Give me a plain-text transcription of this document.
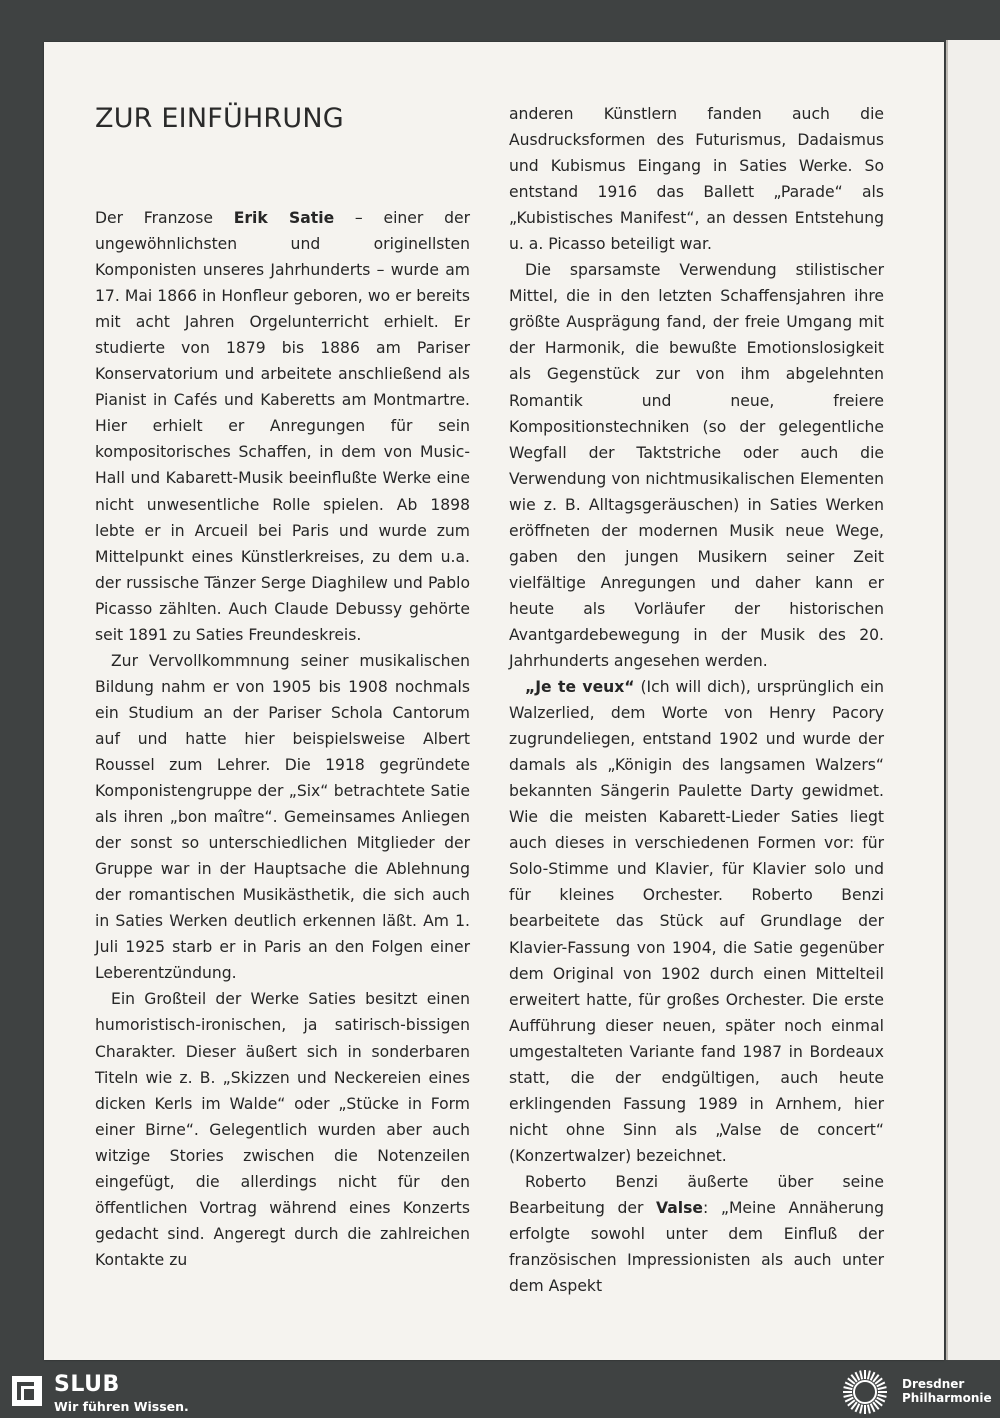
ZUR EINFÜHRUNG

Der Franzose Erik Satie – einer der ungewöhnlichsten und originellsten Komponisten unseres Jahrhunderts – wurde am 17. Mai 1866 in Honfleur geboren, wo er bereits mit acht Jahren Orgelunterricht erhielt. Er studierte von 1879 bis 1886 am Pariser Konservatorium und arbeitete anschließend als Pianist in Cafés und Kaberetts am Montmartre. Hier erhielt er Anregungen für sein kompositorisches Schaffen, in dem von Music-Hall und Kabarett-Musik beeinflußte Werke eine nicht unwesentliche Rolle spielen. Ab 1898 lebte er in Arcueil bei Paris und wurde zum Mittelpunkt eines Künstlerkreises, zu dem u.a. der russische Tänzer Serge Diaghilew und Pablo Picasso zählten. Auch Claude Debussy gehörte seit 1891 zu Saties Freundeskreis.

Zur Vervollkommnung seiner musikalischen Bildung nahm er von 1905 bis 1908 nochmals ein Studium an der Pariser Schola Cantorum auf und hatte hier beispielsweise Albert Roussel zum Lehrer. Die 1918 gegründete Komponistengruppe der „Six“ betrachtete Satie als ihren „bon maître“. Gemeinsames Anliegen der sonst so unterschiedlichen Mitglieder der Gruppe war in der Hauptsache die Ablehnung der romantischen Musikästhetik, die sich auch in Saties Werken deutlich erkennen läßt. Am 1. Juli 1925 starb er in Paris an den Folgen einer Leberentzündung.

Ein Großteil der Werke Saties besitzt einen humoristisch-ironischen, ja satirisch-bissigen Charakter. Dieser äußert sich in sonderbaren Titeln wie z. B. „Skizzen und Neckereien eines dicken Kerls im Walde“ oder „Stücke in Form einer Birne“. Gelegentlich wurden aber auch witzige Stories zwischen die Notenzeilen eingefügt, die allerdings nicht für den öffentlichen Vortrag während eines Konzerts gedacht sind. Angeregt durch die zahlreichen Kontakte zu

anderen Künstlern fanden auch die Ausdrucksformen des Futurismus, Dadaismus und Kubismus Eingang in Saties Werke. So entstand 1916 das Ballett „Parade“ als „Kubistisches Manifest“, an dessen Entstehung u. a. Picasso beteiligt war.

Die sparsamste Verwendung stilistischer Mittel, die in den letzten Schaffensjahren ihre größte Ausprägung fand, der freie Umgang mit der Harmonik, die bewußte Emotionslosigkeit als Gegenstück zur von ihm abgelehnten Romantik und neue, freiere Kompositionstechniken (so der gelegentliche Wegfall der Taktstriche oder auch die Verwendung von nichtmusikalischen Elementen wie z. B. Alltagsgeräuschen) in Saties Werken eröffneten der modernen Musik neue Wege, gaben den jungen Musikern seiner Zeit vielfältige Anregungen und daher kann er heute als Vorläufer der historischen Avantgardebewegung in der Musik des 20. Jahrhunderts angesehen werden.

„Je te veux“ (Ich will dich), ursprünglich ein Walzerlied, dem Worte von Henry Pacory zugrundeliegen, entstand 1902 und wurde der damals als „Königin des langsamen Walzers“ bekannten Sängerin Paulette Darty gewidmet. Wie die meisten Kabarett-Lieder Saties liegt auch dieses in verschiedenen Formen vor: für Solo-Stimme und Klavier, für Klavier solo und für kleines Orchester. Roberto Benzi bearbeitete das Stück auf Grundlage der Klavier-Fassung von 1904, die Satie gegenüber dem Original von 1902 durch einen Mittelteil erweitert hatte, für großes Orchester. Die erste Aufführung dieser neuen, später noch einmal umgestalteten Variante fand 1987 in Bordeaux statt, die der endgültigen, auch heute erklingenden Fassung 1989 in Arnhem, hier nicht ohne Sinn als „Valse de concert“ (Konzertwalzer) bezeichnet.

Roberto Benzi äußerte über seine Bearbeitung der Valse: „Meine Annäherung erfolgte sowohl unter dem Einfluß der französischen Impressionisten als auch unter dem Aspekt

SLUB
Wir führen Wissen.
Dresdner
Philharmonie
